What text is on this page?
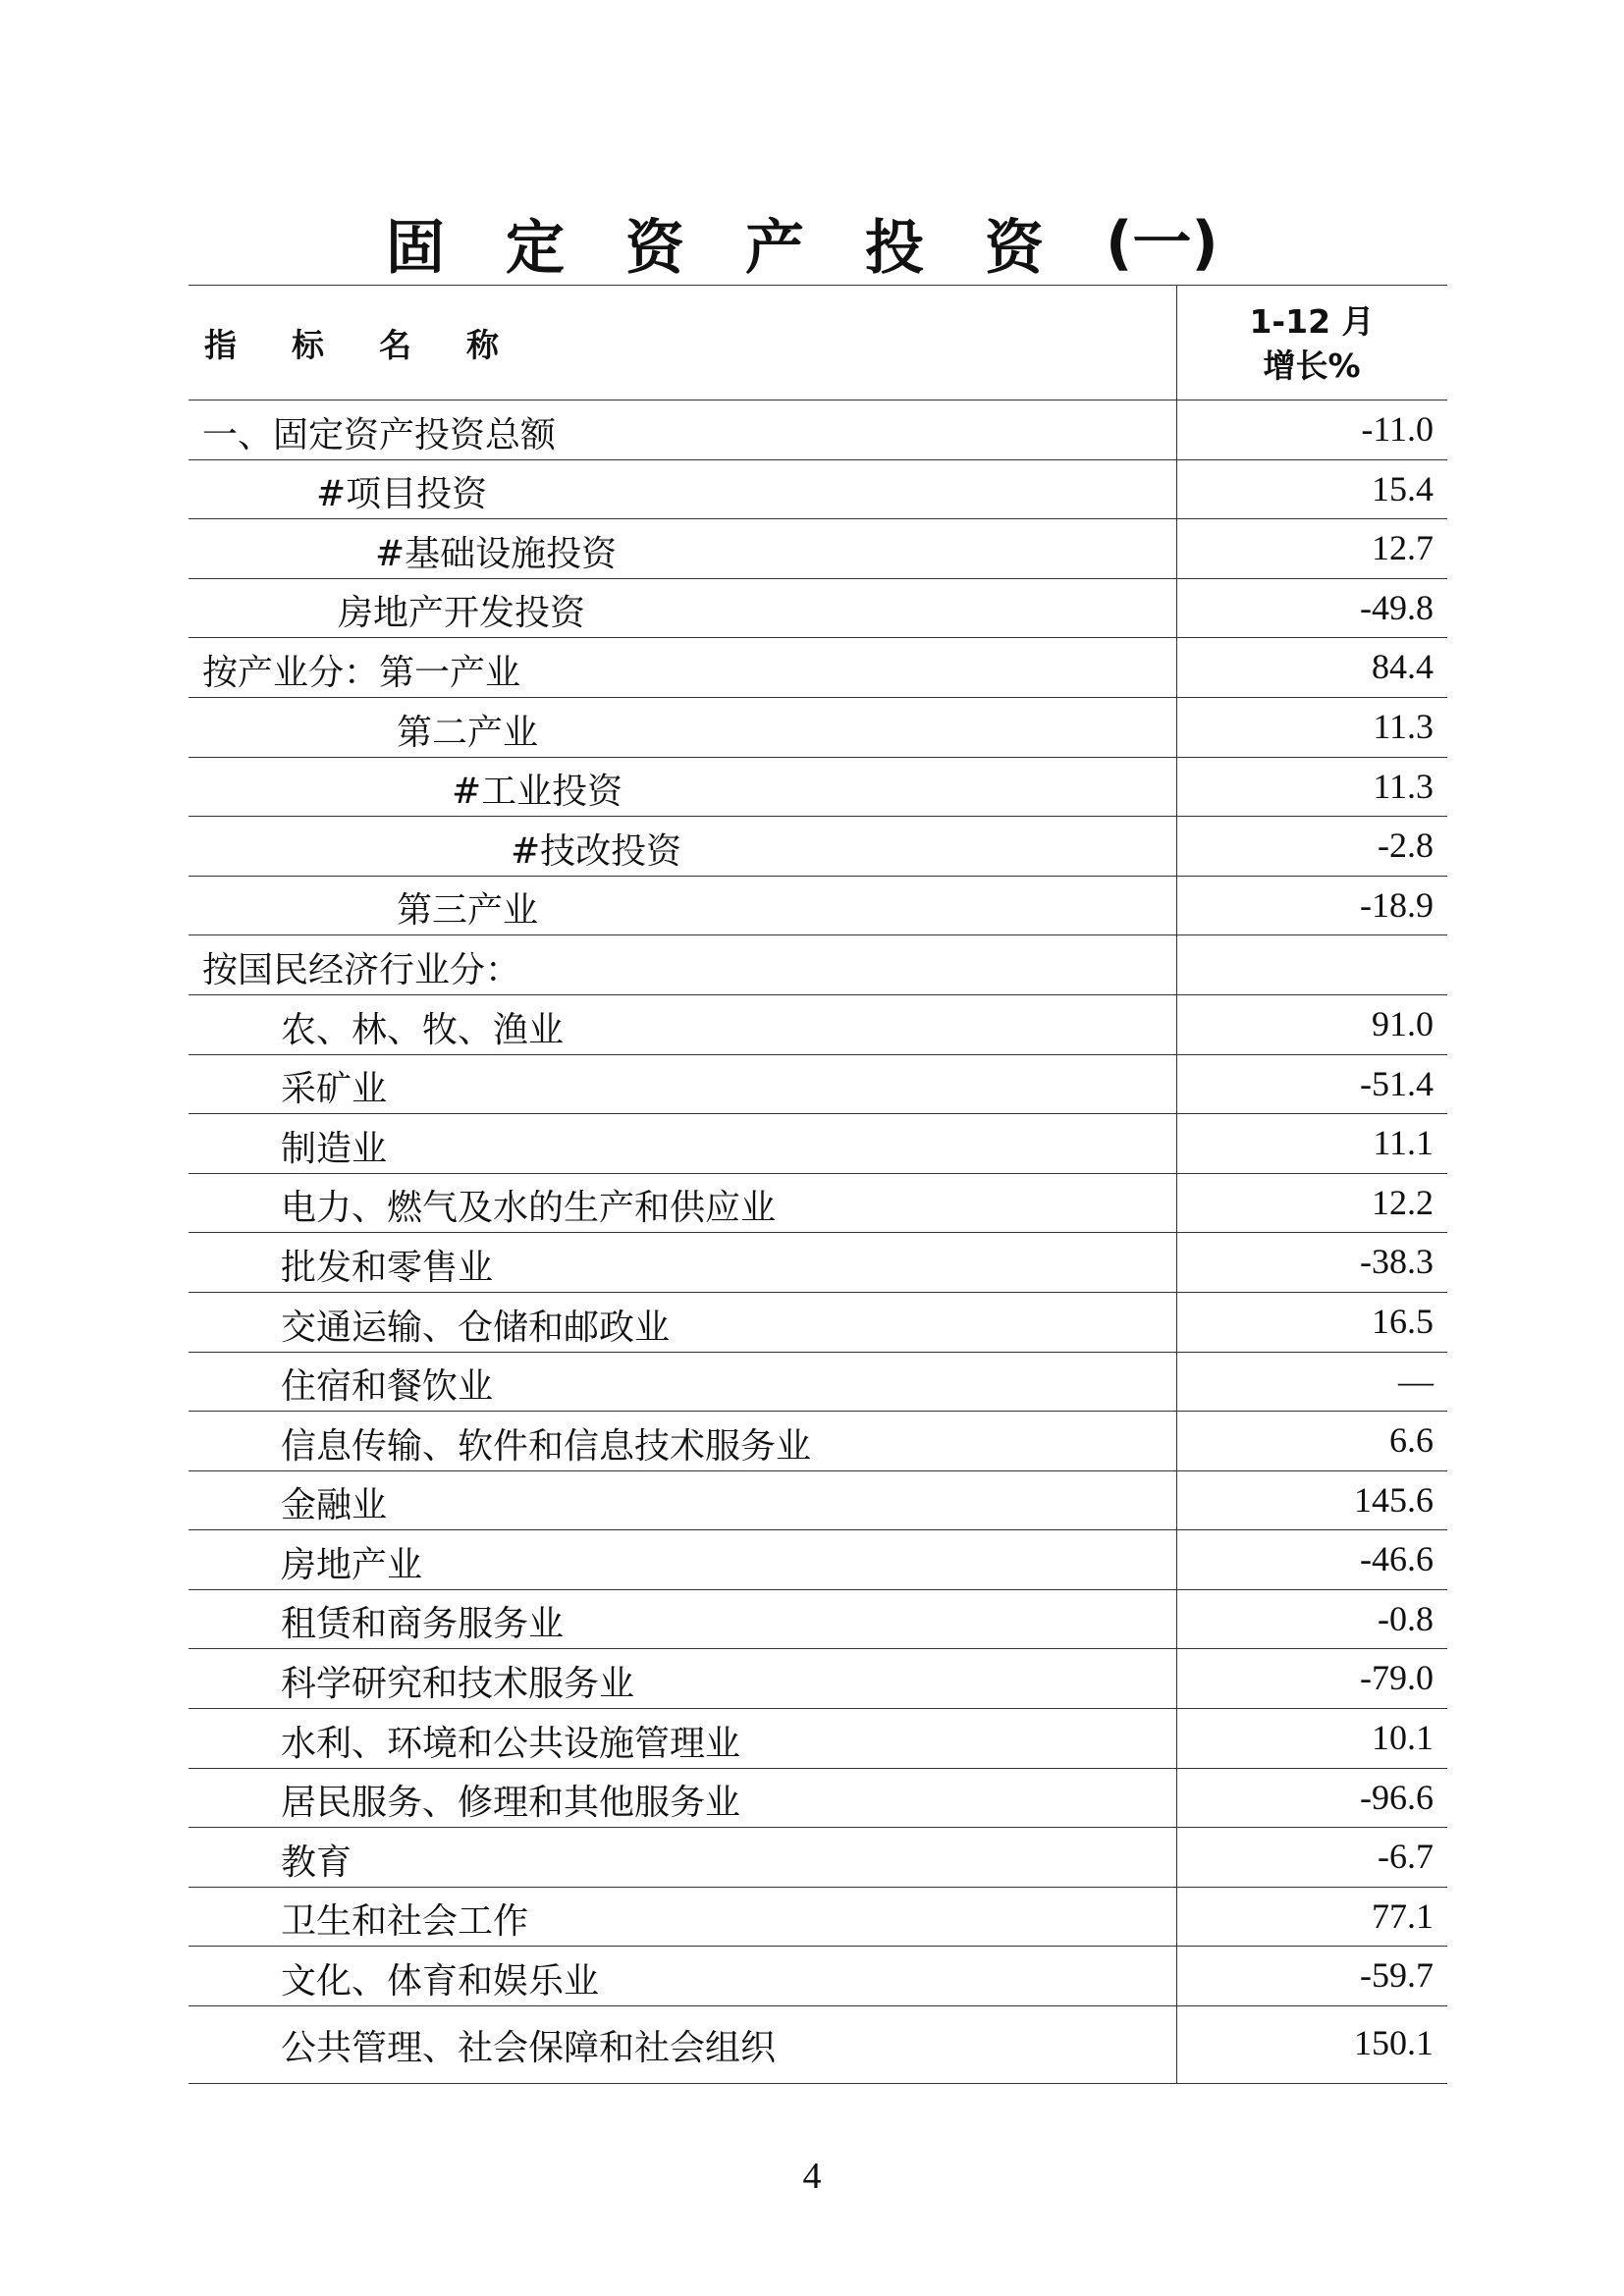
固 定 资 产 投 资 (一)
指 标 名 称
1-12 月
增长%
一、固定资产投资总额	-11.0
#项目投资	15.4
#基础设施投资	12.7
房地产开发投资	-49.8
按产业分：第一产业	84.4
第二产业	11.3
#工业投资	11.3
#技改投资	-2.8
第三产业	-18.9
按国民经济行业分：
农、林、牧、渔业	91.0
采矿业	-51.4
制造业	11.1
电力、燃气及水的生产和供应业	12.2
批发和零售业	-38.3
交通运输、仓储和邮政业	16.5
住宿和餐饮业	—
信息传输、软件和信息技术服务业	6.6
金融业	145.6
房地产业	-46.6
租赁和商务服务业	-0.8
科学研究和技术服务业	-79.0
水利、环境和公共设施管理业	10.1
居民服务、修理和其他服务业	-96.6
教育	-6.7
卫生和社会工作	77.1
文化、体育和娱乐业	-59.7
公共管理、社会保障和社会组织	150.1
4
